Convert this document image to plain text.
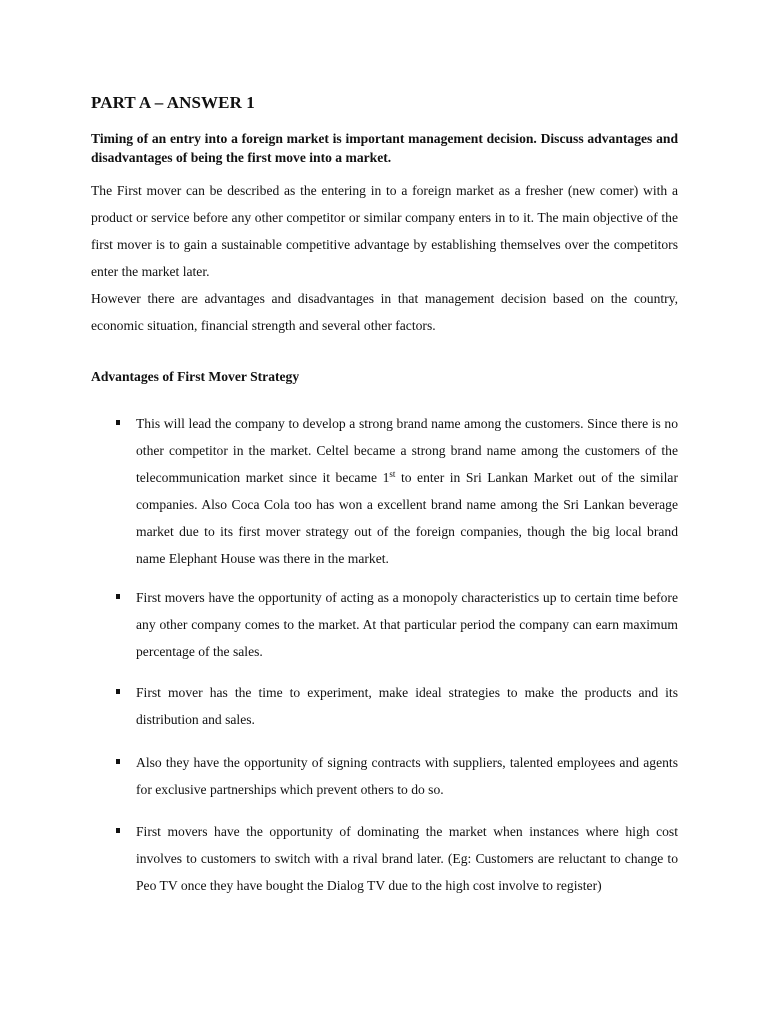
PART A – ANSWER 1
Timing of an entry into a foreign market is important management decision. Discuss advantages and disadvantages of being the first move into a market.
The First mover can be described as the entering in to a foreign market as a fresher (new comer) with a product or service before any other competitor or similar company enters in to it. The main objective of the first mover is to gain a sustainable competitive advantage by establishing themselves over the competitors enter the market later.
However there are advantages and disadvantages in that management decision based on the country, economic situation, financial strength and several other factors.
Advantages of First Mover Strategy
This will lead the company to develop a strong brand name among the customers. Since there is no other competitor in the market. Celtel became a strong brand name among the customers of the telecommunication market since it became 1st to enter in Sri Lankan Market out of the similar companies. Also Coca Cola too has won a excellent brand name among the Sri Lankan beverage market due to its first mover strategy out of the foreign companies, though the big local brand name Elephant House was there in the market.
First movers have the opportunity of acting as a monopoly characteristics up to certain time before any other company comes to the market. At that particular period the company can earn maximum percentage of the sales.
First mover has the time to experiment, make ideal strategies to make the products and its distribution and sales.
Also they have the opportunity of signing contracts with suppliers, talented employees and agents for exclusive partnerships which prevent others to do so.
First movers have the opportunity of dominating the market when instances where high cost involves to customers to switch with a rival brand later. (Eg: Customers are reluctant to change to Peo TV once they have bought the Dialog TV due to the high cost involve to register)
